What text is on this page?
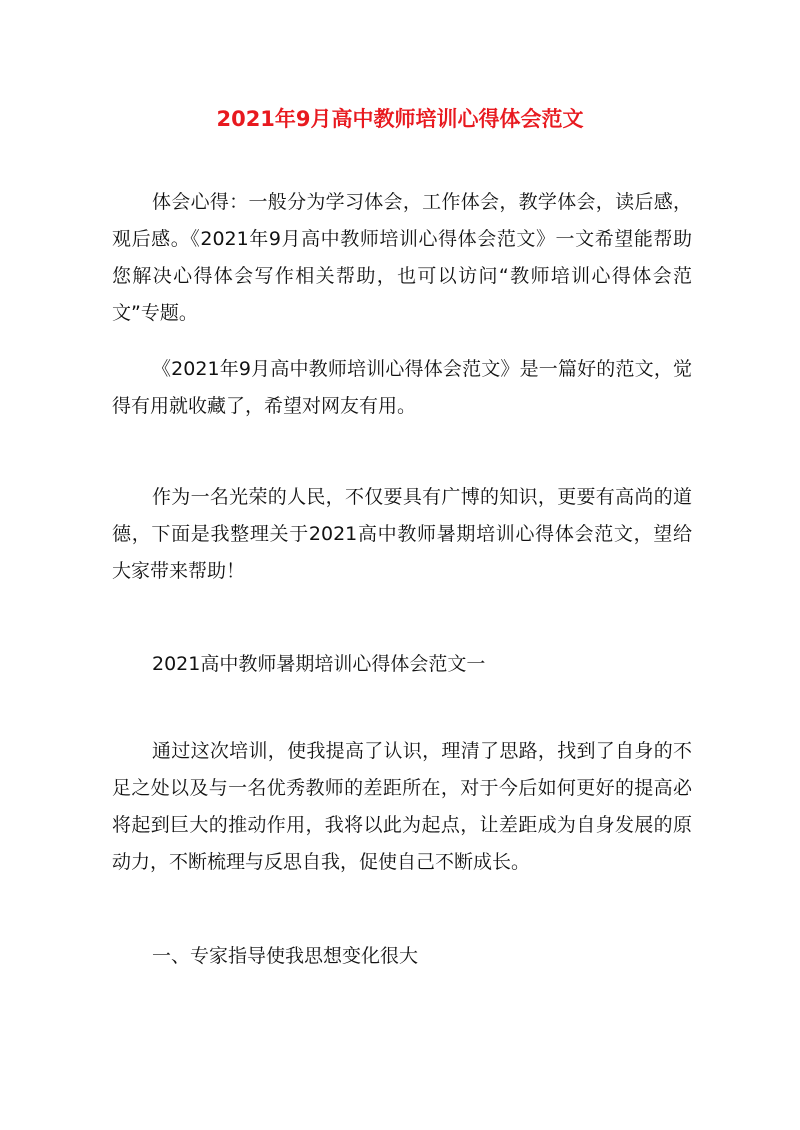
2021年9月高中教师培训心得体会范文
体会心得：一般分为学习体会，工作体会，教学体会，读后感，观后感。《2021年9月高中教师培训心得体会范文》一文希望能帮助您解决心得体会写作相关帮助，也可以访问“教师培训心得体会范文”专题。
《2021年9月高中教师培训心得体会范文》是一篇好的范文，觉得有用就收藏了，希望对网友有用。
作为一名光荣的人民，不仅要具有广博的知识，更要有高尚的道德，下面是我整理关于2021高中教师暑期培训心得体会范文，望给大家带来帮助！
2021高中教师暑期培训心得体会范文一
通过这次培训，使我提高了认识，理清了思路，找到了自身的不足之处以及与一名优秀教师的差距所在，对于今后如何更好的提高必将起到巨大的推动作用，我将以此为起点，让差距成为自身发展的原动力，不断梳理与反思自我，促使自己不断成长。
一、专家指导使我思想变化很大
